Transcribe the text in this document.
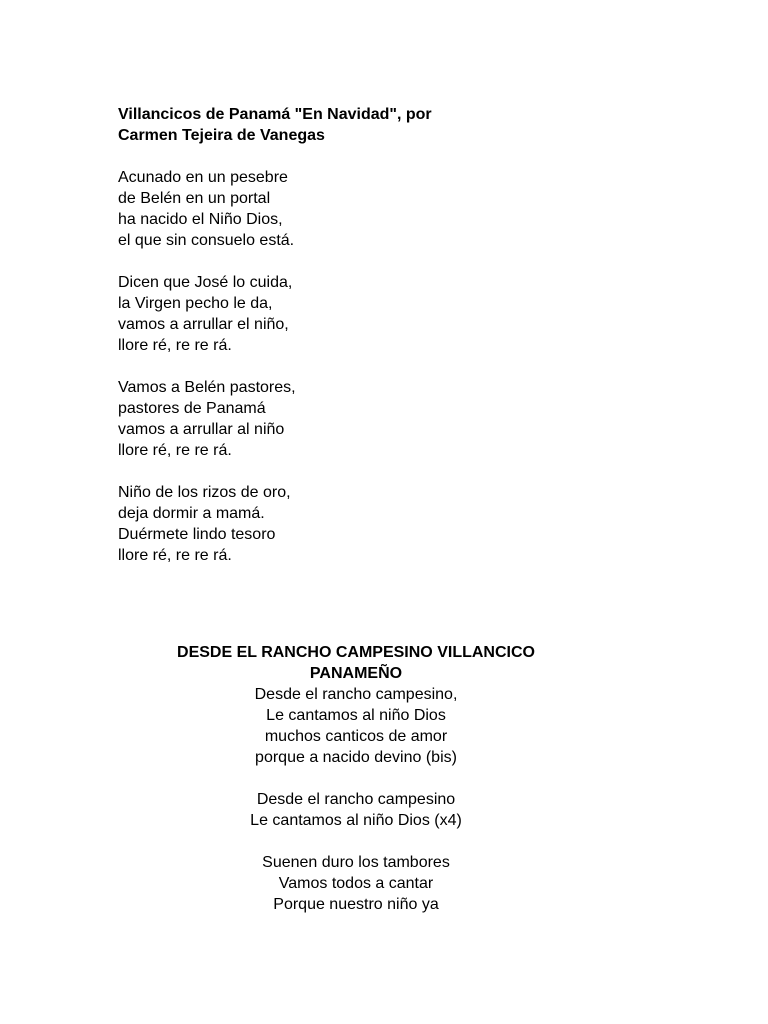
Villancicos de Panamá "En Navidad", por
Carmen Tejeira de Vanegas
Acunado en un pesebre
de Belén en un portal
ha nacido el Niño Dios,
el que sin consuelo está.
Dicen que José lo cuida,
la Virgen pecho le da,
vamos a arrullar el niño,
llore ré, re re rá.
Vamos a Belén pastores,
pastores de Panamá
vamos a arrullar al niño
llore ré, re re rá.
Niño de los rizos de oro,
deja dormir a mamá.
Duérmete lindo tesoro
llore ré, re re rá.
DESDE EL RANCHO CAMPESINO VILLANCICO
PANAMEÑO
Desde el rancho campesino,
Le cantamos al niño Dios
muchos canticos de amor
porque a nacido devino (bis)
Desde el rancho campesino
Le cantamos al niño Dios (x4)
Suenen duro los tambores
Vamos todos a cantar
Porque nuestro niño ya
